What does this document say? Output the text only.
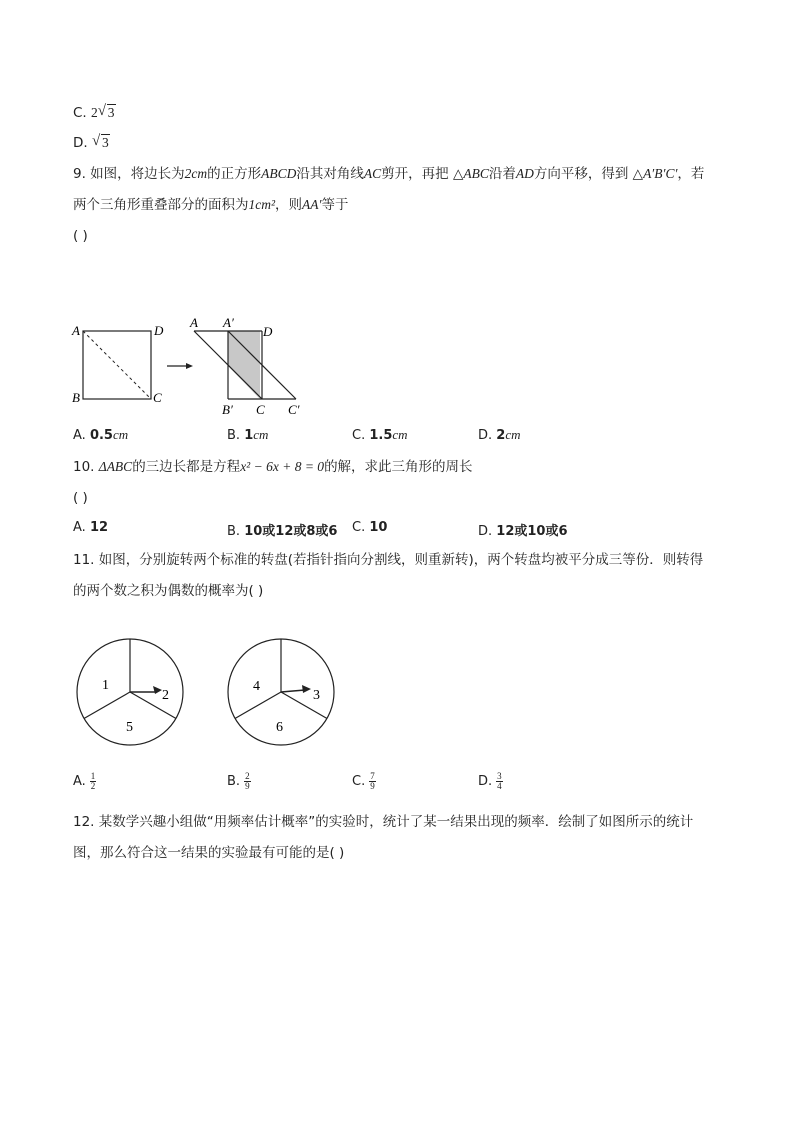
C. 2 √ 3
D. √ 3
9. 如图，将边长为2cm的正方形ABCD沿其对角线AC剪开，再把 △ABC沿着AD方向平移，得到 △A′B′C′，若
两个三角形重叠部分的面积为1cm²，则AA′等于
( )
A	D
B	C
A A′
D
B′ C C′
A. 0.5cm	B. 1cm	C. 1.5cm	D. 2cm
10. ΔABC的三边长都是方程x² − 6x + 8 = 0的解，求此三角形的周长
( )
A. 12	B. 10或12或8或6 C. 10	D. 12或10或6
11. 如图，分别旋转两个标准的转盘(若指针指向分割线，则重新转)，两个转盘均被平分成三等份．则转得
的两个数之积为偶数的概率为( )
1
2
5
4
3
6
A. $\frac{1}{2}$	B. $\frac{2}{9}$	C. $\frac{7}{9}$	D. $\frac{3}{4}$
12. 某数学兴趣小组做“用频率估计概率”的实验时，统计了某一结果出现的频率．绘制了如图所示的统计
图，那么符合这一结果的实验最有可能的是( )
